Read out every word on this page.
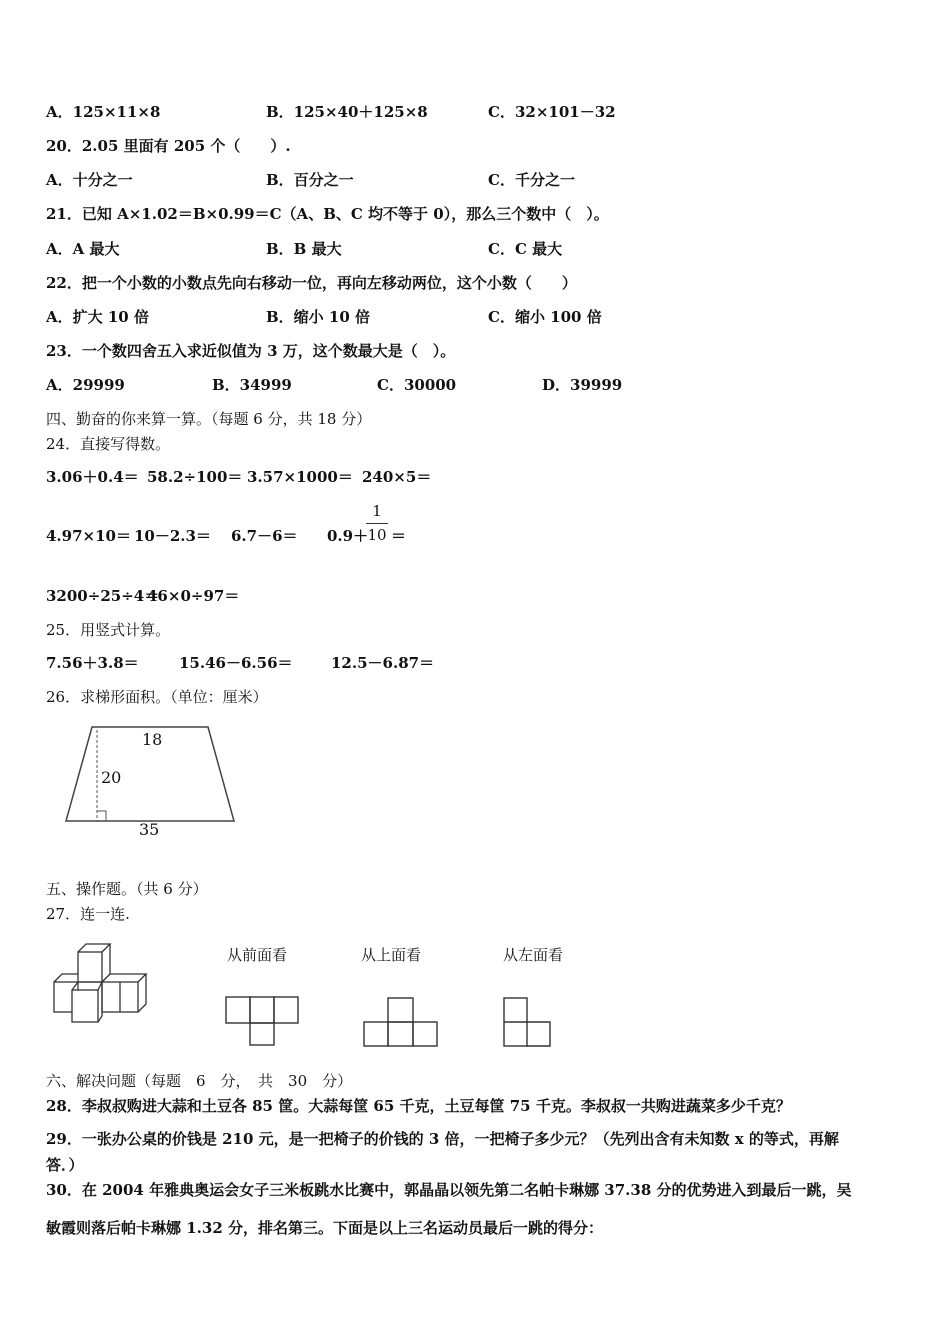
A．125×11×8	B．125×40＋125×8	C．32×101－32
20．2.05 里面有 205 个（　　）.
A．十分之一	B．百分之一	C．千分之一
21．已知 A×1.02＝B×0.99＝C（A、B、C 均不等于 0），那么三个数中（　）。
A．A 最大	B．B 最大	C．C 最大
22．把一个小数的小数点先向右移动一位，再向左移动两位，这个小数（　　）
A．扩大 10 倍	B．缩小 10 倍	C．缩小 100 倍
23．一个数四舍五入求近似值为 3 万，这个数最大是（　）。
A．29999	B．34999	C．30000	D．39999
四、勤奋的你来算一算。（每题 6 分，共 18 分）
24．直接写得数。
3.06＋0.4＝ 58.2÷100＝ 3.57×1000＝ 240×5＝
4.97×10＝ 10－2.3＝ 6.7－6＝ 0.9＋
1
10 ＝
3200÷25÷4＝
46×0÷97＝
25．用竖式计算。
7.56＋3.8＝	15.46－6.56＝	12.5－6.87＝
26．求梯形面积。（单位：厘米）
18
20
35
五、操作题。（共 6 分）
27．连一连.
从前面看	从上面看	从左面看
六、解决问题（每题　6　分，　共　30　分）
28．李叔叔购进大蒜和土豆各 85 筐。大蒜每筐 65 千克，土豆每筐 75 千克。李叔叔一共购进蔬菜多少千克？
29．一张办公桌的价钱是 210 元，是一把椅子的价钱的 3 倍，一把椅子多少元？（先列出含有未知数 x 的等式，再解
答．）
30．在 2004 年雅典奥运会女子三米板跳水比赛中，郭晶晶以领先第二名帕卡琳娜 37.38 分的优势进入到最后一跳，吴
敏霞则落后帕卡琳娜 1.32 分，排名第三。下面是以上三名运动员最后一跳的得分：
